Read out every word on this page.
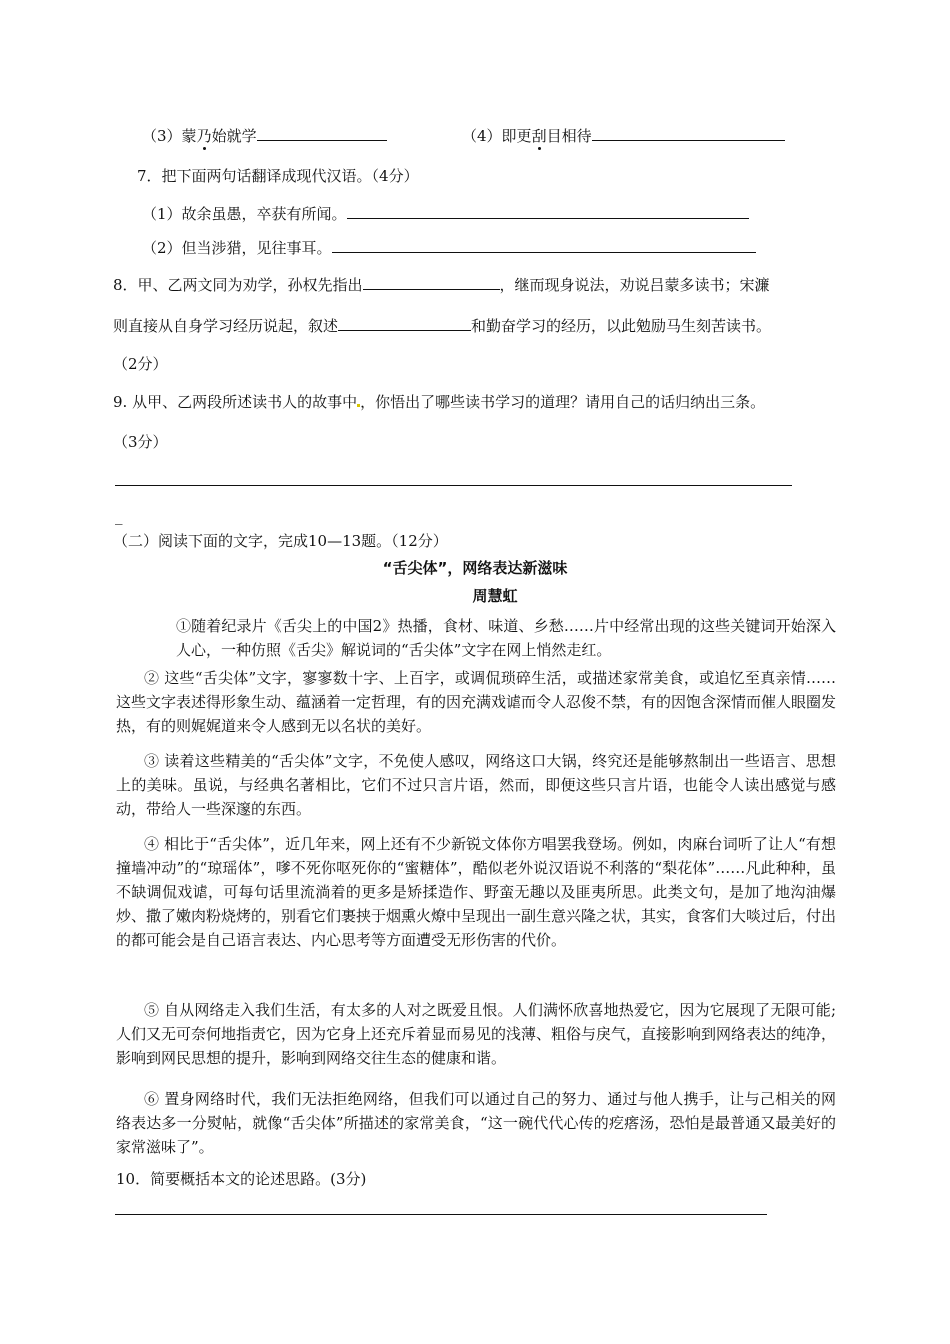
（3）蒙乃始就学	（4）即更刮目相待
7．把下面两句话翻译成现代汉语。（4分）
（1）故余虽愚，卒获有所闻。
（2）但当涉猎，见往事耳。
8．甲、乙两文同为劝学，孙权先指出	，继而现身说法，劝说吕蒙多读书；宋濂
则直接从自身学习经历说起，叙述	和勤奋学习的经历，以此勉励马生刻苦读书。
（2分）
9. 从甲、乙两段所述读书人的故事中 ，你悟出了哪些读书学习的道理？请用自己的话归纳出三条。
（3分）
_
（二）阅读下面的文字，完成10—13题。（12分）
“舌尖体”，网络表达新滋味
周慧虹
①随着纪录片《舌尖上的中国2》热播，食材、味道、乡愁……片中经常出现的这些关键词开始深入人心，一种仿照《舌尖》解说词的“舌尖体”文字在网上悄然走红。
② 这些“舌尖体”文字，寥寥数十字、上百字，或调侃琐碎生活，或描述家常美食，或追忆至真亲情……这些文字表述得形象生动、蕴涵着一定哲理，有的因充满戏谑而令人忍俊不禁，有的因饱含深情而催人眼圈发热，有的则娓娓道来令人感到无以名状的美好。
③ 读着这些精美的“舌尖体”文字，不免使人感叹，网络这口大锅，终究还是能够熬制出一些语言、思想上的美味。虽说，与经典名著相比，它们不过只言片语，然而，即便这些只言片语，也能令人读出感觉与感动，带给人一些深邃的东西。
④ 相比于“舌尖体”，近几年来，网上还有不少新锐文体你方唱罢我登场。例如，肉麻台词听了让人“有想撞墙冲动”的“琼瑶体”，嗲不死你呕死你的“蜜糖体”，酷似老外说汉语说不利落的“梨花体”……凡此种种，虽不缺调侃戏谑，可每句话里流淌着的更多是矫揉造作、野蛮无趣以及匪夷所思。此类文句，是加了地沟油爆炒、撒了嫩肉粉烧烤的，别看它们裹挟于烟熏火燎中呈现出一副生意兴隆之状，其实，食客们大啖过后，付出的都可能会是自己语言表达、内心思考等方面遭受无形伤害的代价。
⑤ 自从网络走入我们生活，有太多的人对之既爱且恨。人们满怀欣喜地热爱它，因为它展现了无限可能;人们又无可奈何地指责它，因为它身上还充斥着显而易见的浅薄、粗俗与戾气，直接影响到网络表达的纯净，影响到网民思想的提升，影响到网络交往生态的健康和谐。
⑥ 置身网络时代，我们无法拒绝网络，但我们可以通过自己的努力、通过与他人携手，让与己相关的网络表达多一分熨帖，就像“舌尖体”所描述的家常美食，“这一碗代代心传的疙瘩汤，恐怕是最普通又最美好的家常滋味了”。
10．简要概括本文的论述思路。(3分)
